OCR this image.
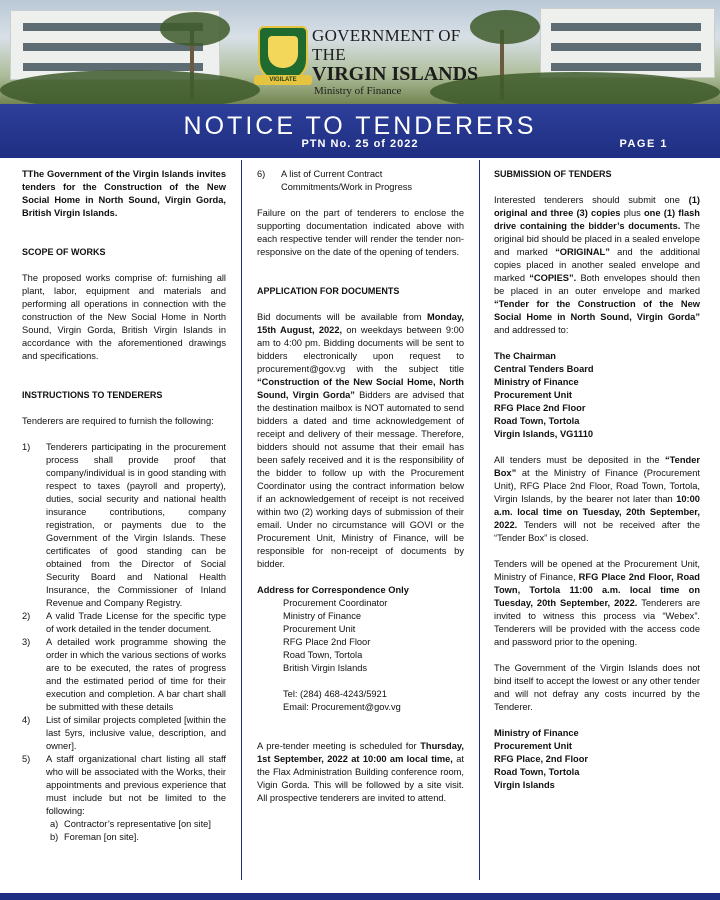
VIGILATE
GOVERNMENT OF THE
VIRGIN ISLANDS
Ministry of Finance
NOTICE TO TENDERERS
PTN No. 25 of 2022	PAGE 1

TThe Government of the Virgin Islands invites tenders for the Construction of the New Social Home in North Sound, Virgin Gorda, British Virgin Islands.

SCOPE OF WORKS

The proposed works comprise of: furnishing all plant, labor, equipment and materials and performing all operations in connection with the construction of the New Social Home in North Sound, Virgin Gorda, British Virgin Islands in accordance with the aforementioned drawings and specifications.

INSTRUCTIONS TO TENDERERS

Tenderers are required to furnish the following:

1) Tenderers participating in the procurement process shall provide proof that company/individual is in good standing with respect to taxes (payroll and property), duties, social security and national health insurance contributions, company registration, or payments due to the Government of the Virgin Islands. These certificates of good standing can be obtained from the Director of Social Security Board and National Health Insurance, the Commissioner of Inland Revenue and Company Registry.
2) A valid Trade License for the specific type of work detailed in the tender document.
3) A detailed work programme showing the order in which the various sections of works are to be executed, the rates of progress and the estimated period of time for their execution and completion. A bar chart shall be submitted with these details
4) List of similar projects completed [within the last 5yrs, inclusive value, description, and owner].
5) A staff organizational chart listing all staff who will be associated with the Works, their appointments and previous experience that must include but not be limited to the following:
a) Contractor’s representative [on site]
b) Foreman [on site].
6) A list of Current Contract Commitments/Work in Progress

Failure on the part of tenderers to enclose the supporting documentation indicated above with each respective tender will render the tender non-responsive on the date of the opening of tenders.

APPLICATION FOR DOCUMENTS

Bid documents will be available from Monday, 15th August, 2022, on weekdays between 9:00 am to 4:00 pm. Bidding documents will be sent to bidders electronically upon request to procurement@gov.vg with the subject title “Construction of the New Social Home, North Sound, Virgin Gorda” Bidders are advised that the destination mailbox is NOT automated to send bidders a dated and time acknowledgement of receipt and delivery of their message. Therefore, bidders should not assume that their email has been safely received and it is the responsibility of the bidder to follow up with the Procurement Coordinator using the contract information below if an acknowledgement of receipt is not received within two (2) working days of submission of their email. Under no circumstance will GOVI or the Procurement Unit, Ministry of Finance, will be responsible for non-receipt of documents by bidder.

Address for Correspondence Only
Procurement Coordinator
Ministry of Finance
Procurement Unit
RFG Place 2nd Floor
Road Town, Tortola
British Virgin Islands
Tel: (284) 468-4243/5921
Email: Procurement@gov.vg

A pre-tender meeting is scheduled for Thursday, 1st September, 2022 at 10:00 am local time, at the Flax Administration Building conference room, Vigin Gorda. This will be followed by a site visit. All prospective tenderers are invited to attend.

SUBMISSION OF TENDERS

Interested tenderers should submit one (1) original and three (3) copies plus one (1) flash drive containing the bidder’s documents. The original bid should be placed in a sealed envelope and marked “ORIGINAL” and the additional copies placed in another sealed envelope and marked “COPIES”. Both envelopes should then be placed in an outer envelope and marked “Tender for the Construction of the New Social Home in North Sound, Virgin Gorda” and addressed to:

The Chairman
Central Tenders Board
Ministry of Finance
Procurement Unit
RFG Place 2nd Floor
Road Town, Tortola
Virgin Islands, VG1110

All tenders must be deposited in the “Tender Box” at the Ministry of Finance (Procurement Unit), RFG Place 2nd Floor, Road Town, Tortola, Virgin Islands, by the bearer not later than 10:00 a.m. local time on Tuesday, 20th September, 2022. Tenders will not be received after the “Tender Box” is closed.

Tenders will be opened at the Procurement Unit, Ministry of Finance, RFG Place 2nd Floor, Road Town, Tortola 11:00 a.m. local time on Tuesday, 20th September, 2022. Tenderers are invited to witness this process via “Webex”. Tenderers will be provided with the access code and password prior to the opening.

The Government of the Virgin Islands does not bind itself to accept the lowest or any other tender and will not defray any costs incurred by the Tenderer.

Ministry of Finance
Procurement Unit
RFG Place, 2nd Floor
Road Town, Tortola
Virgin Islands
